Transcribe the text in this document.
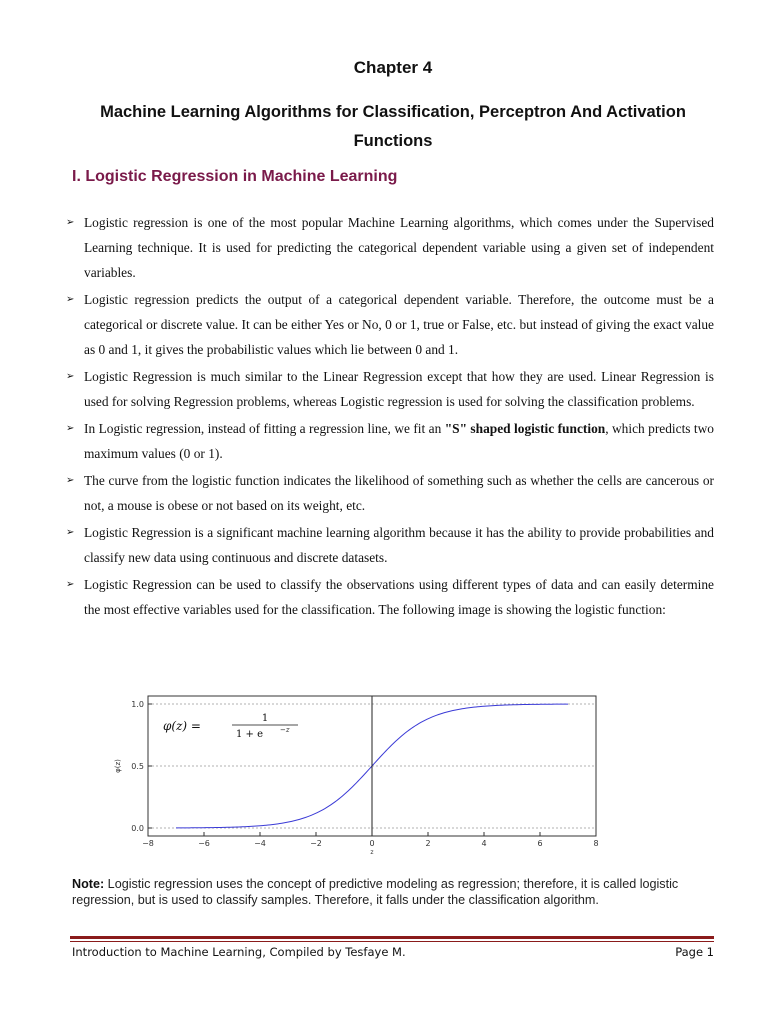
Chapter 4
Machine Learning Algorithms for Classification, Perceptron And Activation Functions
I. Logistic Regression in Machine Learning
➢ Logistic regression is one of the most popular Machine Learning algorithms, which comes under the Supervised Learning technique. It is used for predicting the categorical dependent variable using a given set of independent variables.
➢ Logistic regression predicts the output of a categorical dependent variable. Therefore, the outcome must be a categorical or discrete value. It can be either Yes or No, 0 or 1, true or False, etc. but instead of giving the exact value as 0 and 1, it gives the probabilistic values which lie between 0 and 1.
➢ Logistic Regression is much similar to the Linear Regression except that how they are used. Linear Regression is used for solving Regression problems, whereas Logistic regression is used for solving the classification problems.
➢ In Logistic regression, instead of fitting a regression line, we fit an "S" shaped logistic function, which predicts two maximum values (0 or 1).
➢ The curve from the logistic function indicates the likelihood of something such as whether the cells are cancerous or not, a mouse is obese or not based on its weight, etc.
➢ Logistic Regression is a significant machine learning algorithm because it has the ability to provide probabilities and classify new data using continuous and discrete datasets.
➢ Logistic Regression can be used to classify the observations using different types of data and can easily determine the most effective variables used for the classification. The following image is showing the logistic function:
0.0
0.5
1.0
−8	−6	−4	−2	0	2	4	6	8
z
φ(z)
φ(z) =
1
1 + e −z
Note: Logistic regression uses the concept of predictive modeling as regression; therefore, it is called logistic regression, but is used to classify samples. Therefore, it falls under the classification algorithm.
Introduction to Machine Learning, Compiled by Tesfaye M.	Page 1
